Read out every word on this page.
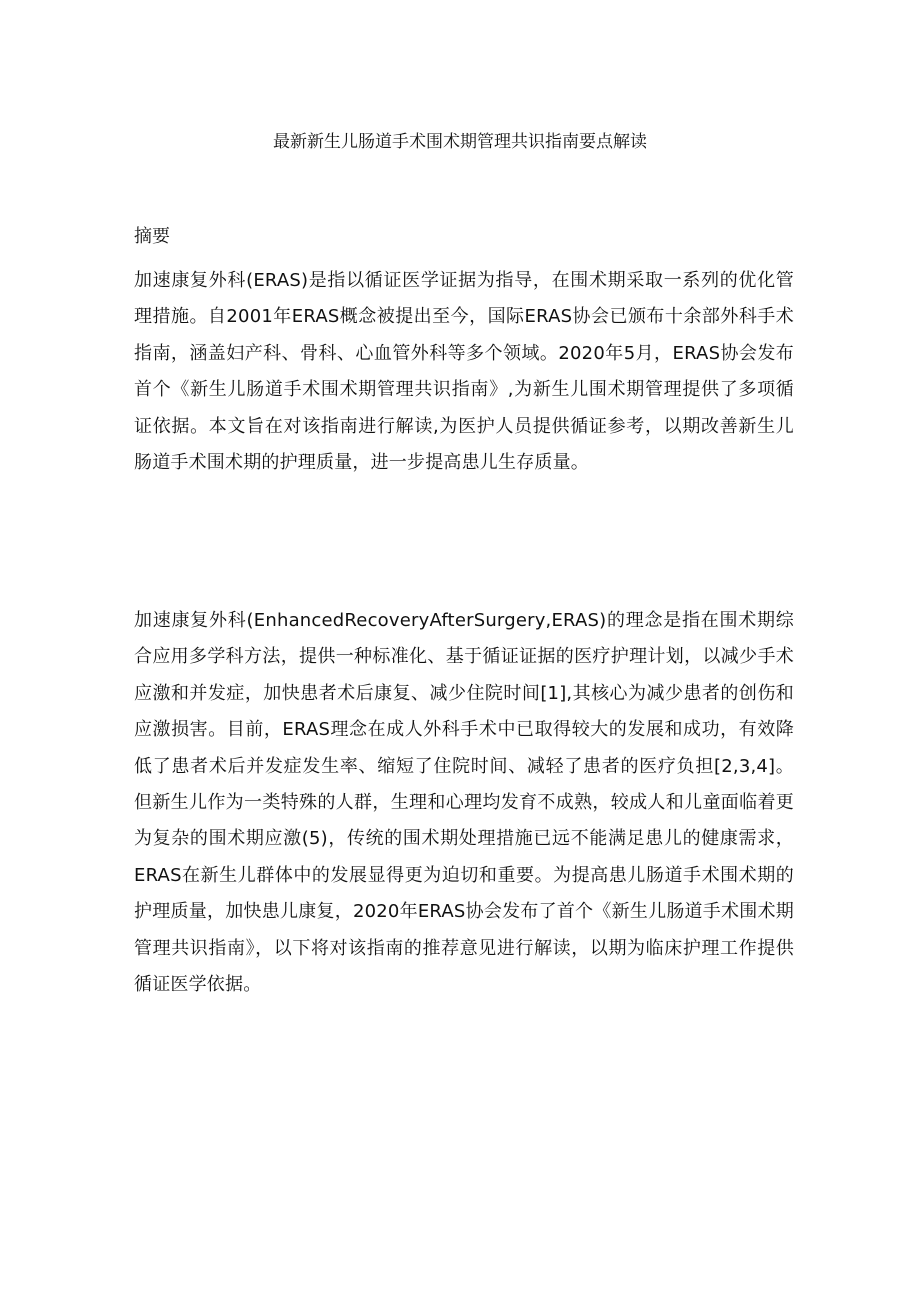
最新新生儿肠道手术围术期管理共识指南要点解读
摘要

加速康复外科(ERAS)是指以循证医学证据为指导，在围术期采取一系列的优化管理措施。自2001年ERAS概念被提出至今，国际ERAS协会已颁布十余部外科手术指南，涵盖妇产科、骨科、心血管外科等多个领域。2020年5月，ERAS协会发布首个《新生儿肠道手术围术期管理共识指南》,为新生儿围术期管理提供了多项循证依据。本文旨在对该指南进行解读,为医护人员提供循证参考，以期改善新生儿肠道手术围术期的护理质量，进一步提高患儿生存质量。

加速康复外科(EnhancedRecoveryAfterSurgery,ERAS)的理念是指在围术期综合应用多学科方法，提供一种标准化、基于循证证据的医疗护理计划，以减少手术应激和并发症，加快患者术后康复、减少住院时间[1],其核心为减少患者的创伤和应激损害。目前，ERAS理念在成人外科手术中已取得较大的发展和成功，有效降低了患者术后并发症发生率、缩短了住院时间、减轻了患者的医疗负担[2,3,4]。但新生儿作为一类特殊的人群，生理和心理均发育不成熟，较成人和儿童面临着更为复杂的围术期应激(5)，传统的围术期处理措施已远不能满足患儿的健康需求，ERAS在新生儿群体中的发展显得更为迫切和重要。为提高患儿肠道手术围术期的护理质量，加快患儿康复，2020年ERAS协会发布了首个《新生儿肠道手术围术期管理共识指南》，以下将对该指南的推荐意见进行解读，以期为临床护理工作提供循证医学依据。
